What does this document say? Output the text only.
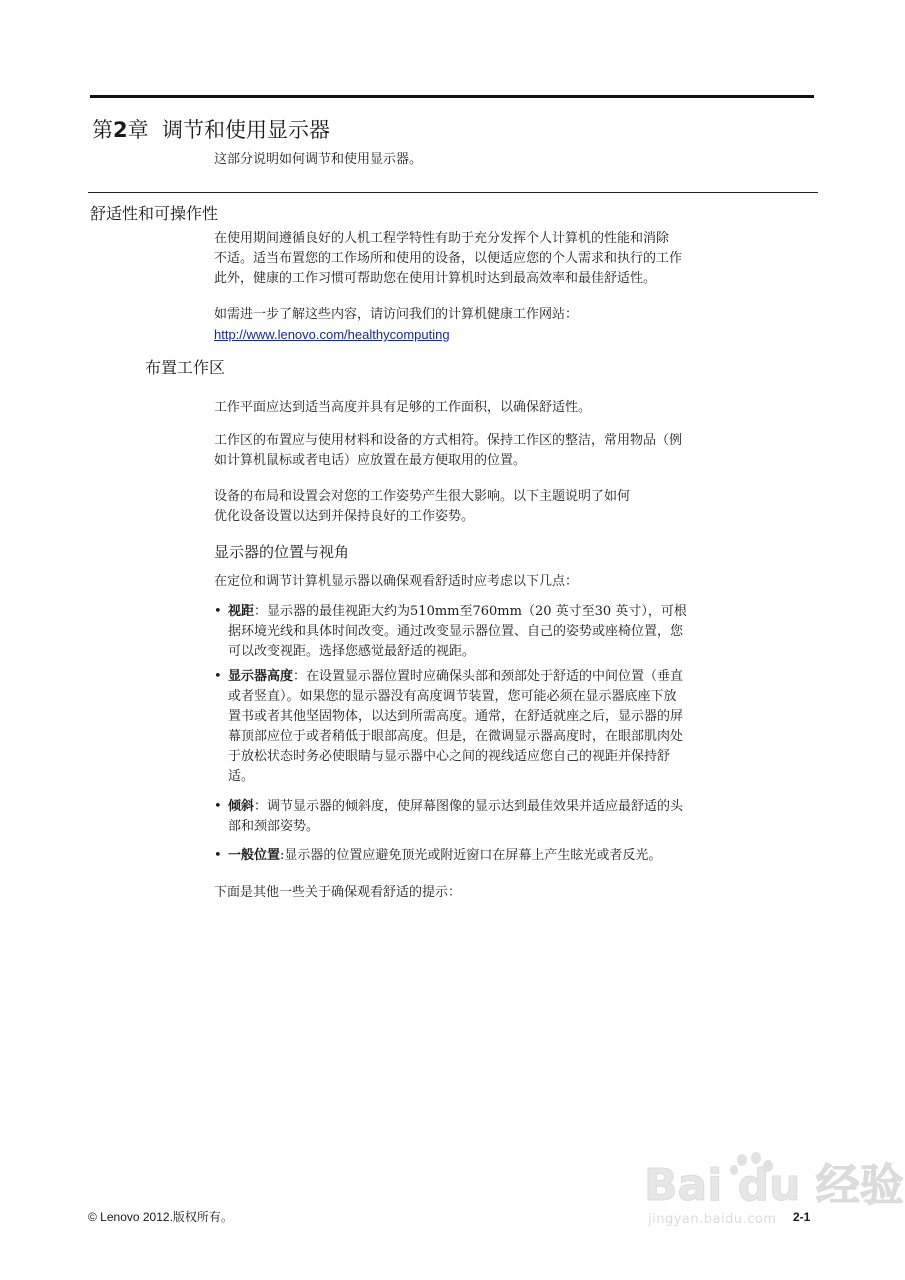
第2章 调节和使用显示器
这部分说明如何调节和使用显示器。
舒适性和可操作性
在使用期间遵循良好的人机工程学特性有助于充分发挥个人计算机的性能和消除
不适。适当布置您的工作场所和使用的设备，以便适应您的个人需求和执行的工作
此外，健康的工作习惯可帮助您在使用计算机时达到最高效率和最佳舒适性。
如需进一步了解这些内容，请访问我们的计算机健康工作网站：
http://www.lenovo.com/healthycomputing
布置工作区
工作平面应达到适当高度并具有足够的工作面积，以确保舒适性。
工作区的布置应与使用材料和设备的方式相符。保持工作区的整洁，常用物品（例
如计算机鼠标或者电话）应放置在最方便取用的位置。
设备的布局和设置会对您的工作姿势产生很大影响。以下主题说明了如何
优化设备设置以达到并保持良好的工作姿势。
显示器的位置与视角
在定位和调节计算机显示器以确保观看舒适时应考虑以下几点：
• 视距：显示器的最佳视距大约为510mm至760mm（20 英寸至30 英寸），可根
据环境光线和具体时间改变。通过改变显示器位置、自己的姿势或座椅位置，您
可以改变视距。选择您感觉最舒适的视距。
• 显示器高度：在设置显示器位置时应确保头部和颈部处于舒适的中间位置（垂直
或者竖直）。如果您的显示器没有高度调节装置，您可能必须在显示器底座下放
置书或者其他坚固物体，以达到所需高度。通常，在舒适就座之后，显示器的屏
幕顶部应位于或者稍低于眼部高度。但是，在微调显示器高度时，在眼部肌肉处
于放松状态时务必使眼睛与显示器中心之间的视线适应您自己的视距并保持舒
适。
• 倾斜：调节显示器的倾斜度，使屏幕图像的显示达到最佳效果并适应最舒适的头
部和颈部姿势。
• 一般位置:显示器的位置应避免顶光或附近窗口在屏幕上产生眩光或者反光。
下面是其他一些关于确保观看舒适的提示：
Bai du 经验
jingyan.baidu.com
© Lenovo 2012.版权所有。	2-1
